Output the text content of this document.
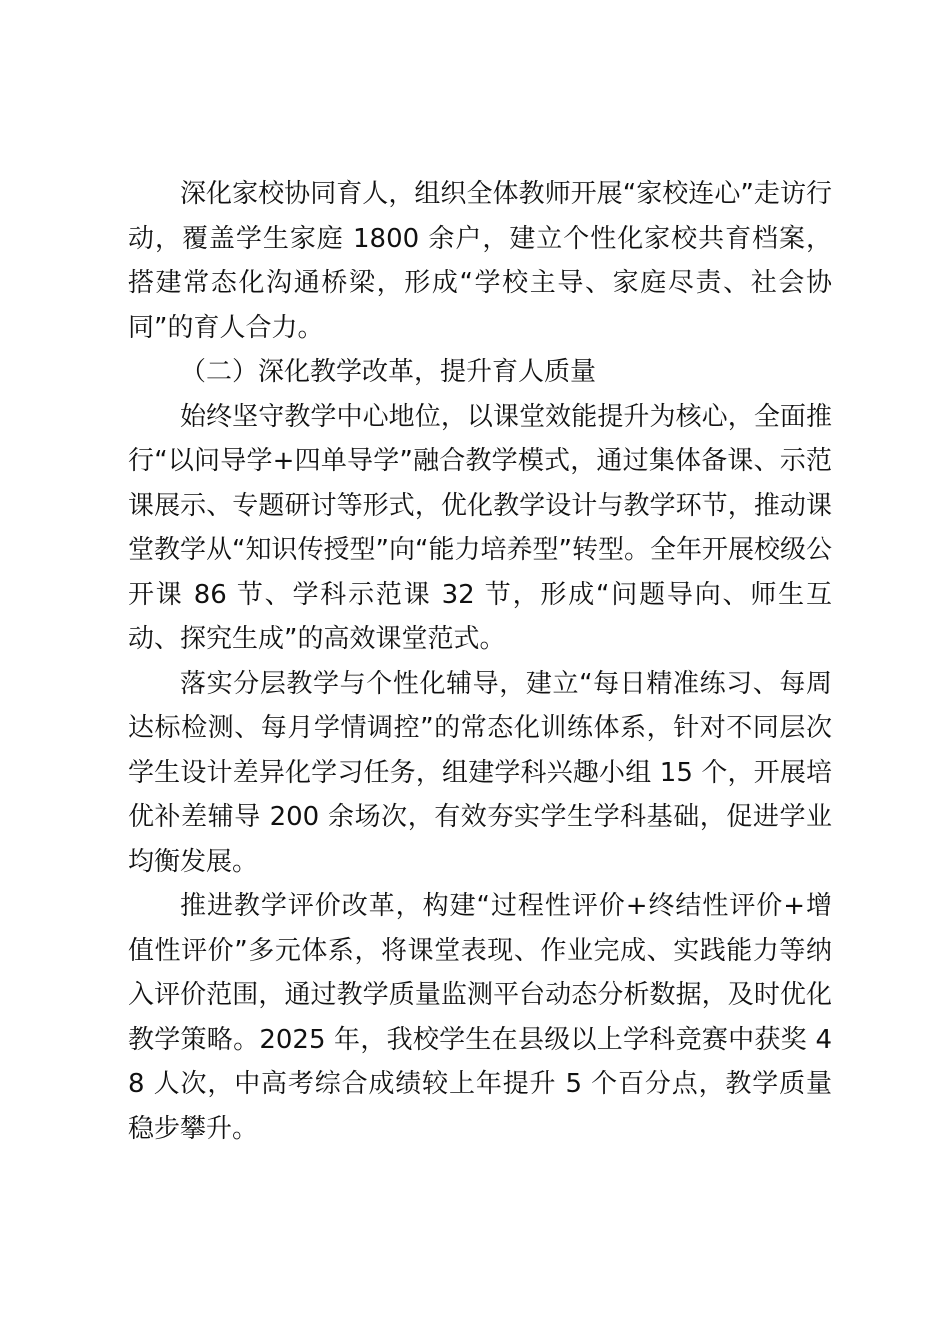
深化家校协同育人，组织全体教师开展“家校连心”走访行动，覆盖学生家庭 1800 余户，建立个性化家校共育档案，搭建常态化沟通桥梁，形成“学校主导、家庭尽责、社会协同”的育人合力。

（二）深化教学改革，提升育人质量

始终坚守教学中心地位，以课堂效能提升为核心，全面推行“以问导学+四单导学”融合教学模式，通过集体备课、示范课展示、专题研讨等形式，优化教学设计与教学环节，推动课堂教学从“知识传授型”向“能力培养型”转型。全年开展校级公开课 86 节、学科示范课 32 节，形成“问题导向、师生互动、探究生成”的高效课堂范式。

落实分层教学与个性化辅导，建立“每日精准练习、每周达标检测、每月学情调控”的常态化训练体系，针对不同层次学生设计差异化学习任务，组建学科兴趣小组 15 个，开展培优补差辅导 200 余场次，有效夯实学生学科基础，促进学业均衡发展。

推进教学评价改革，构建“过程性评价+终结性评价+增值性评价”多元体系，将课堂表现、作业完成、实践能力等纳入评价范围，通过教学质量监测平台动态分析数据，及时优化教学策略。2025 年，我校学生在县级以上学科竞赛中获奖 48 人次，中高考综合成绩较上年提升 5 个百分点，教学质量稳步攀升。
